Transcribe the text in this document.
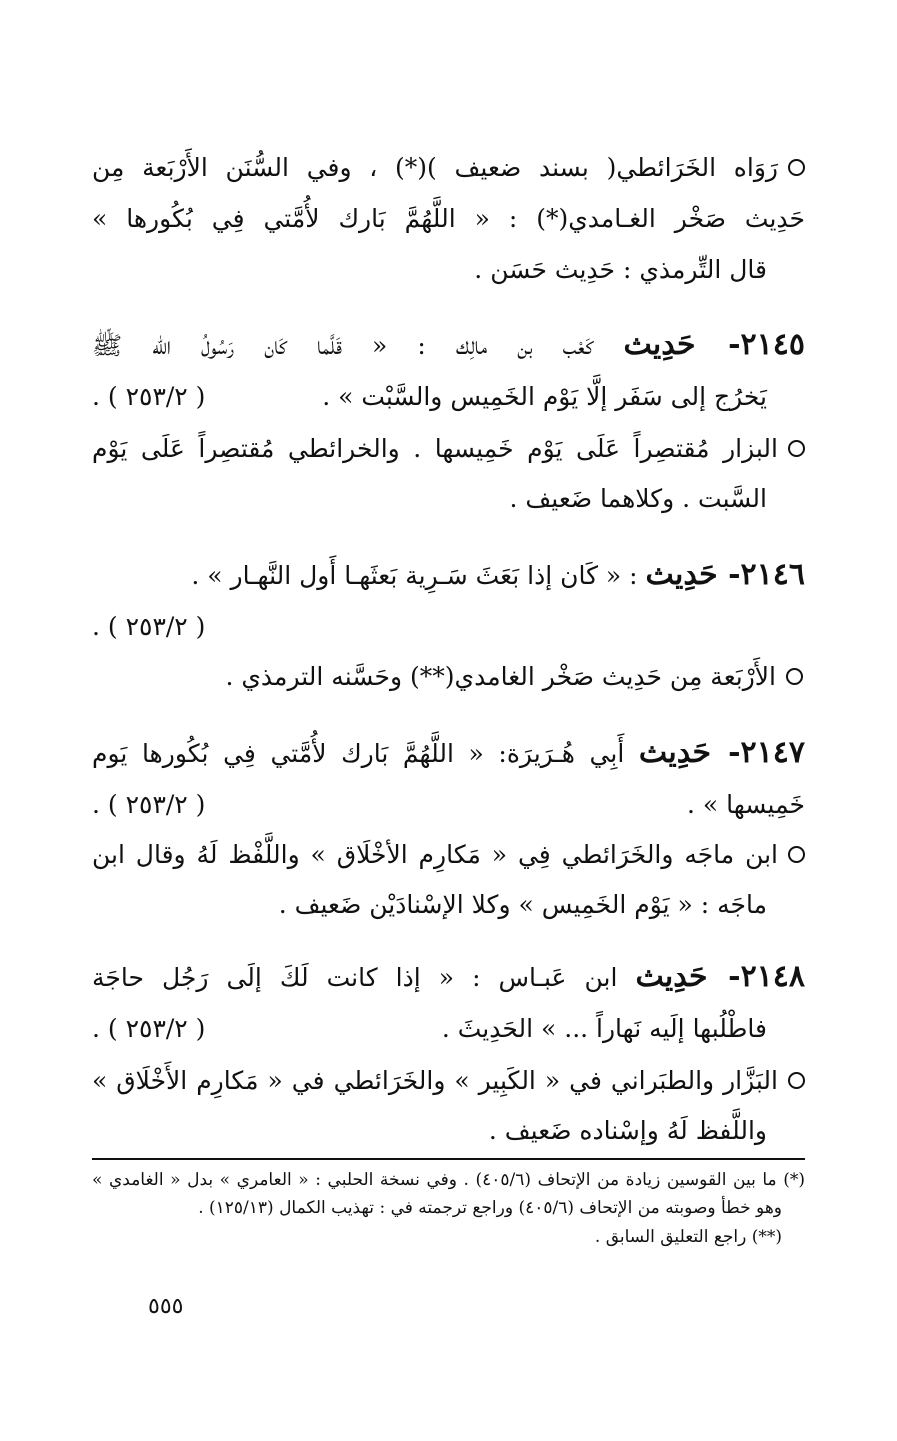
رَوَاه الخَرَائطي( بسند ضعيف )(*) ، وفي السُّنَن الأَرْبَعة مِن
حَدِيث صَخْر الغـامدي(*) : « اللَّهُمَّ بَارك لأُمَّتي فِي بُكُورها »
قال التِّرمذي : حَدِيث حَسَن .
٢١٤٥- حَدِيث كَعْب بن مالِك : « قَلَّما كَان رَسُولُ الله ﷺ
يَخرُج إلى سَفَر إلَّا يَوْم الخَمِيس والسَّبْت » .
( ٢٥٣/٢ ) .
البزار مُقتصِراً عَلَى يَوْم خَمِيسها . والخرائطي مُقتصِراً عَلَى يَوْم
السَّبت . وكلاهما ضَعيف .
٢١٤٦- حَدِيث : « كَان إذا بَعَثَ سَـرِية بَعثَهـا أَول النَّهـار » .
( ٢٥٣/٢ ) .
الأَرْبَعة مِن حَدِيث صَخْر الغامدي(**) وحَسَّنه الترمذي .
٢١٤٧- حَدِيث أَبِي هُـرَيرَة: « اللَّهُمَّ بَارك لأُمَّتي فِي بُكُورها يَوم
خَمِيسها » .
( ٢٥٣/٢ ) .
ابن ماجَه والخَرَائطي فِي « مَكارِم الأخْلَاق » واللَّفْظ لَهُ وقال ابن
ماجَه : « يَوْم الخَمِيس » وكلا الإسْنادَيْن ضَعيف .
٢١٤٨- حَدِيث ابن عَبـاس : « إذا كانت لَكَ إلَى رَجُل حاجَة
فاطْلُبها إلَيه نَهاراً ... » الحَدِيثَ .
( ٢٥٣/٢ ) .
البَزَّار والطبَراني في « الكَبِير » والخَرَائطي في « مَكارِم الأَخْلَاق »
واللَّفظ لَهُ وإسْناده ضَعيف .
(*) ما بين القوسين زيادة من الإتحاف (٤٠٥/٦) . وفي نسخة الحلبي : « العامري » بدل « الغامدي »
وهو خطأ وصوبته من الإتحاف (٤٠٥/٦) وراجع ترجمته في : تهذيب الكمال (١٢٥/١٣) .
(**) راجع التعليق السابق .
٥٥٥
